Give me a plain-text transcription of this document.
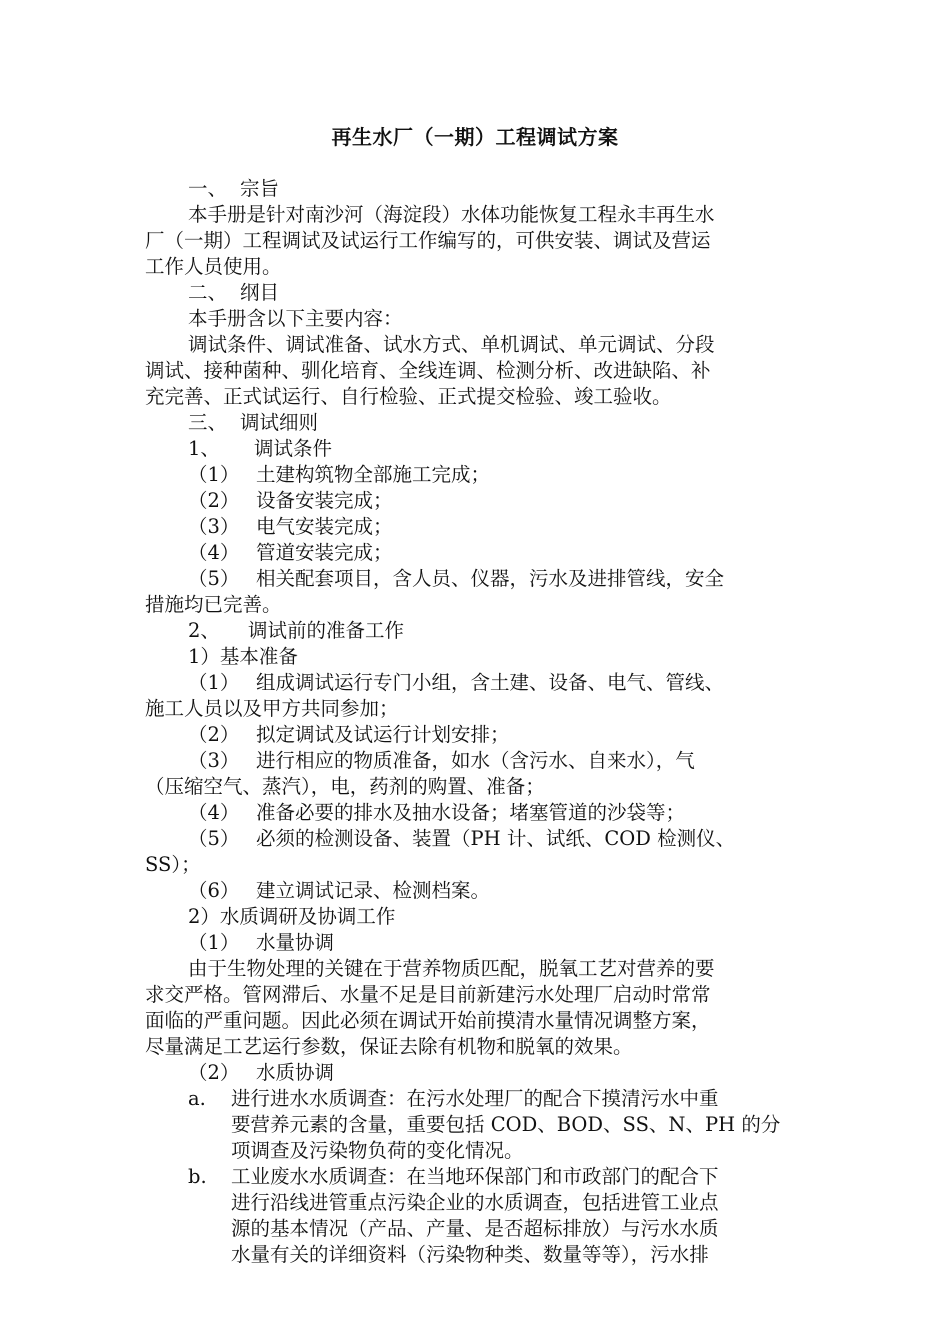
再生水厂（一期）工程调试方案
一、 宗旨
本手册是针对南沙河（海淀段）水体功能恢复工程永丰再生水
厂（一期）工程调试及试运行工作编写的，可供安装、调试及营运
工作人员使用。
二、 纲目
本手册含以下主要内容：
调试条件、调试准备、试水方式、单机调试、单元调试、分段
调试、接种菌种、驯化培育、全线连调、检测分析、改进缺陷、补
充完善、正式试运行、自行检验、正式提交检验、竣工验收。
三、 调试细则
1、 调试条件
（1） 土建构筑物全部施工完成；
（2） 设备安装完成；
（3） 电气安装完成；
（4） 管道安装完成；
（5） 相关配套项目，含人员、仪器，污水及进排管线，安全
措施均已完善。
2、 调试前的准备工作
1）基本准备
（1） 组成调试运行专门小组，含土建、设备、电气、管线、
施工人员以及甲方共同参加；
（2） 拟定调试及试运行计划安排；
（3） 进行相应的物质准备，如水（含污水、自来水），气
（压缩空气、蒸汽），电，药剂的购置、准备；
（4） 准备必要的排水及抽水设备；堵塞管道的沙袋等；
（5） 必须的检测设备、装置（PH 计、试纸、COD 检测仪、
SS）；
（6） 建立调试记录、检测档案。
2）水质调研及协调工作
（1） 水量协调
由于生物处理的关键在于营养物质匹配，脱氧工艺对营养的要
求交严格。管网滞后、水量不足是目前新建污水处理厂启动时常常
面临的严重问题。因此必须在调试开始前摸清水量情况调整方案，
尽量满足工艺运行参数，保证去除有机物和脱氧的效果。
（2） 水质协调
a. 进行进水水质调查：在污水处理厂的配合下摸清污水中重
要营养元素的含量，重要包括 COD、BOD、SS、N、PH 的分
项调查及污染物负荷的变化情况。
b. 工业废水水质调查：在当地环保部门和市政部门的配合下
进行沿线进管重点污染企业的水质调查，包括进管工业点
源的基本情况（产品、产量、是否超标排放）与污水水质
水量有关的详细资料（污染物种类、数量等等），污水排
